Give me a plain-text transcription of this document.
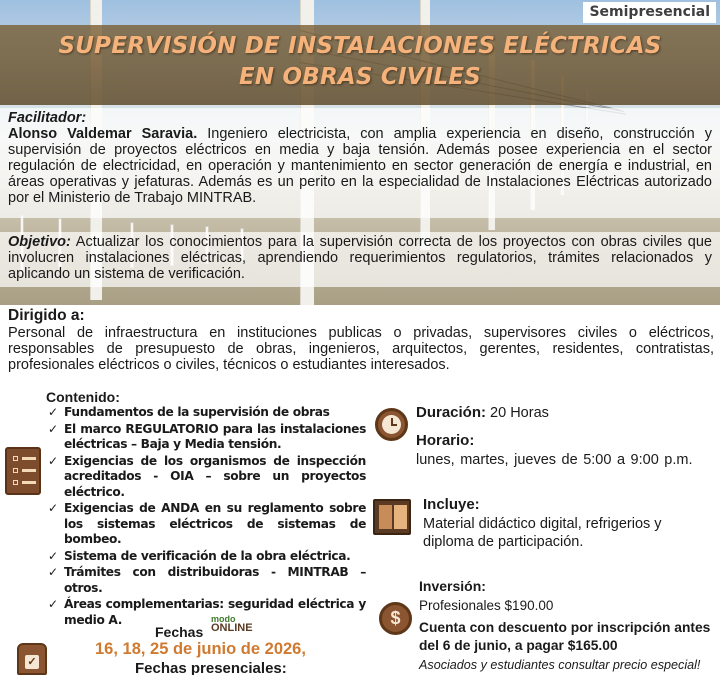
Semipresencial
SUPERVISIÓN DE INSTALACIONES ELÉCTRICAS
EN OBRAS CIVILES
Facilitador:
Alonso Valdemar Saravia. Ingeniero electricista, con amplia experiencia en diseño, construcción y supervisión de proyectos eléctricos en media y baja tensión. Además posee experiencia en el sector regulación de electricidad, en operación y mantenimiento en sector generación de energía e industrial, en áreas operativas y jefaturas. Además es un perito en la especialidad de Instalaciones Eléctricas autorizado por el Ministerio de Trabajo MINTRAB.
Objetivo: Actualizar los conocimientos para la supervisión correcta de los proyectos con obras civiles que involucren instalaciones eléctricas, aprendiendo requerimientos regulatorios, trámites relacionados y aplicando un sistema de verificación.
Dirigido a:
Personal de infraestructura en instituciones publicas o privadas, supervisores civiles o eléctricos, responsables de presupuesto de obras, ingenieros, arquitectos, gerentes, residentes, contratistas, profesionales eléctricos o civiles, técnicos o estudiantes interesados.
Contenido:
✓ Fundamentos de la supervisión de obras
✓ El marco REGULATORIO para las instalaciones eléctricas – Baja y Media tensión.
✓ Exigencias de los organismos de inspección acreditados - OIA – sobre un proyectos eléctrico.
✓ Exigencias de ANDA en su reglamento sobre los sistemas eléctricos de sistemas de bombeo.
✓ Sistema de verificación de la obra eléctrica.
✓ Trámites con distribuidoras - MINTRAB – otros.
✓ Áreas complementarias: seguridad eléctrica y medio A.
Duración: 20 Horas
Horario:
lunes, martes, jueves de 5:00 a 9:00 p.m.
Incluye:
Material didáctico digital, refrigerios y diploma de participación.
Inversión:
Profesionales $190.00
$	Cuenta con descuento por inscripción antes del 6 de junio, a pagar $165.00
Asociados y estudiantes consultar precio especial!
Fechas
modo
ONLINE
16, 18, 25 de junio de 2026,
Fechas presenciales:
✓
